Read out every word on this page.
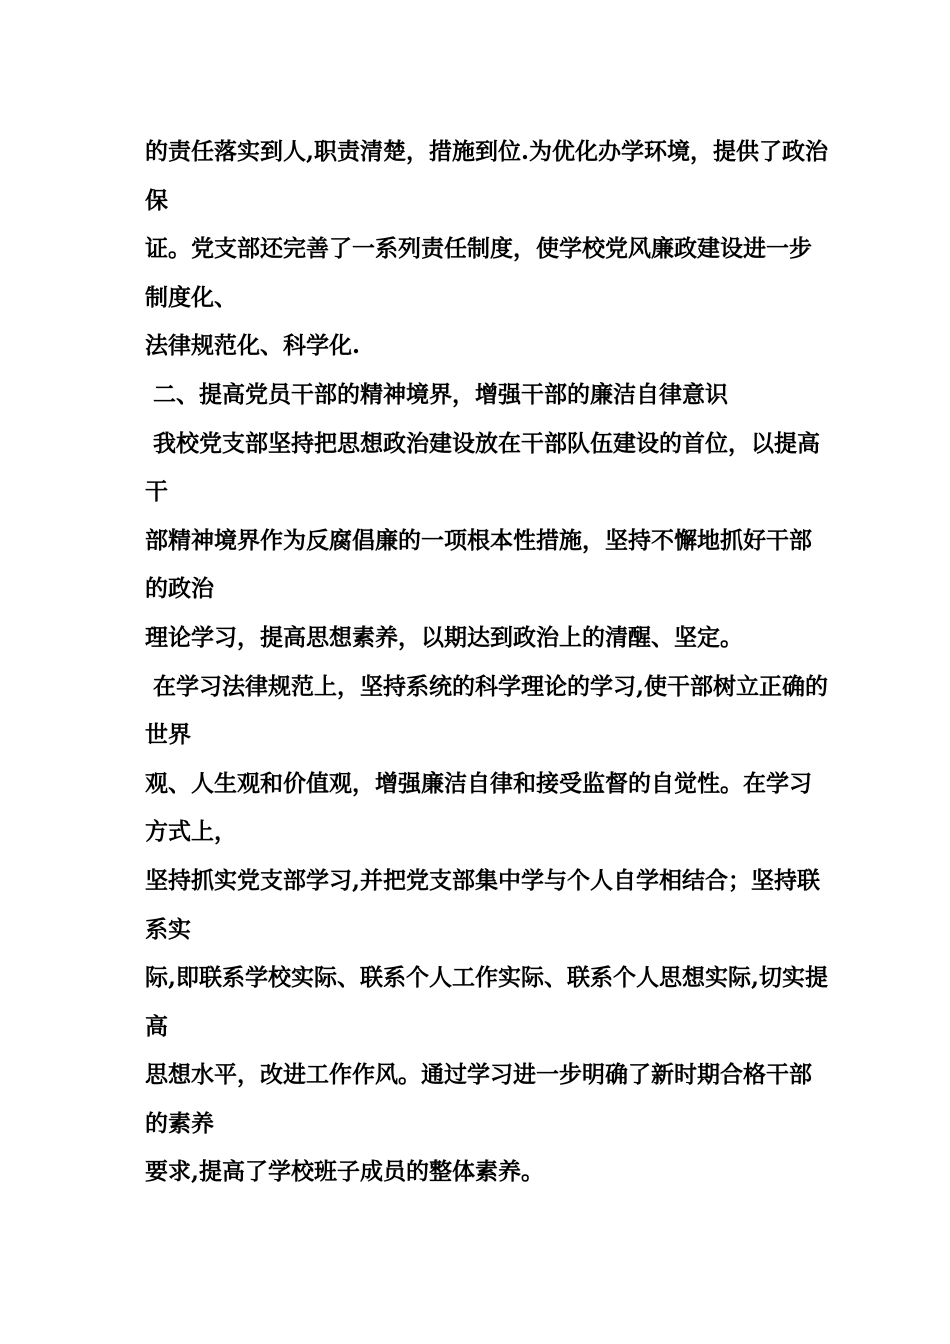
的责任落实到人,职责清楚，措施到位.为优化办学环境，提供了政治

保

证。党支部还完善了一系列责任制度，使学校党风廉政建设进一步

制度化、

法律规范化、科学化.

二、提高党员干部的精神境界，增强干部的廉洁自律意识

我校党支部坚持把思想政治建设放在干部队伍建设的首位，以提高

干

部精神境界作为反腐倡廉的一项根本性措施，坚持不懈地抓好干部

的政治

理论学习，提高思想素养，以期达到政治上的清醒、坚定。

在学习法律规范上，坚持系统的科学理论的学习,使干部树立正确的

世界

观、人生观和价值观，增强廉洁自律和接受监督的自觉性。在学习

方式上，

坚持抓实党支部学习,并把党支部集中学与个人自学相结合；坚持联

系实

际,即联系学校实际、联系个人工作实际、联系个人思想实际,切实提

高

思想水平，改进工作作风。通过学习进一步明确了新时期合格干部

的素养

要求,提高了学校班子成员的整体素养。
